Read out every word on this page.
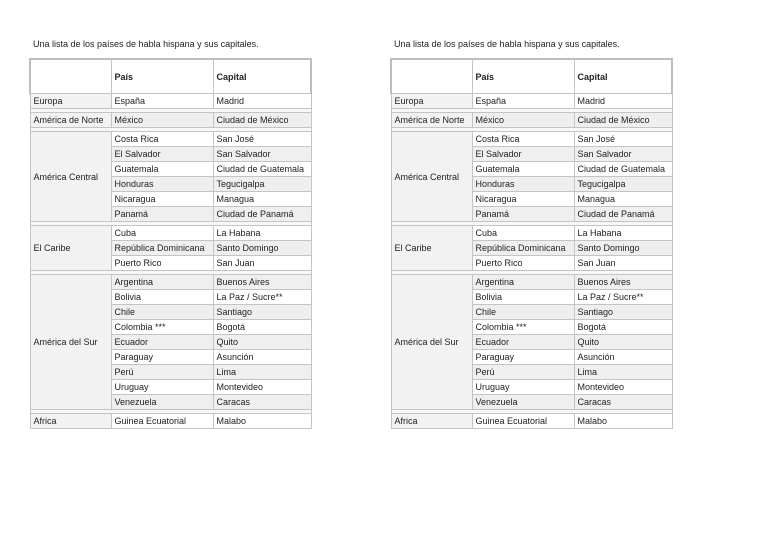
Una lista de los países de habla hispana y sus capitales.
	País	Capital
Europa	España	Madrid

América de Norte	México	Ciudad de México

América Central	Costa Rica	San José
	El Salvador	San Salvador
	Guatemala	Ciudad de Guatemala
	Honduras	Tegucigalpa
	Nicaragua	Managua
	Panamá	Ciudad de Panamá

El Caribe	Cuba	La Habana
	República Dominicana	Santo Domingo
	Puerto Rico	San Juan

América del Sur	Argentina	Buenos Aires
	Bolivia	La Paz / Sucre**
	Chile	Santiago
	Colombia ***	Bogotá
	Ecuador	Quito
	Paraguay	Asunción
	Perú	Lima
	Uruguay	Montevideo
	Venezuela	Caracas

Africa	Guinea Ecuatorial	Malabo
Una lista de los países de habla hispana y sus capitales.
	País	Capital
Europa	España	Madrid

América de Norte	México	Ciudad de México

América Central	Costa Rica	San José
	El Salvador	San Salvador
	Guatemala	Ciudad de Guatemala
	Honduras	Tegucigalpa
	Nicaragua	Managua
	Panamá	Ciudad de Panamá

El Caribe	Cuba	La Habana
	República Dominicana	Santo Domingo
	Puerto Rico	San Juan

América del Sur	Argentina	Buenos Aires
	Bolivia	La Paz / Sucre**
	Chile	Santiago
	Colombia ***	Bogotá
	Ecuador	Quito
	Paraguay	Asunción
	Perú	Lima
	Uruguay	Montevideo
	Venezuela	Caracas

Africa	Guinea Ecuatorial	Malabo
